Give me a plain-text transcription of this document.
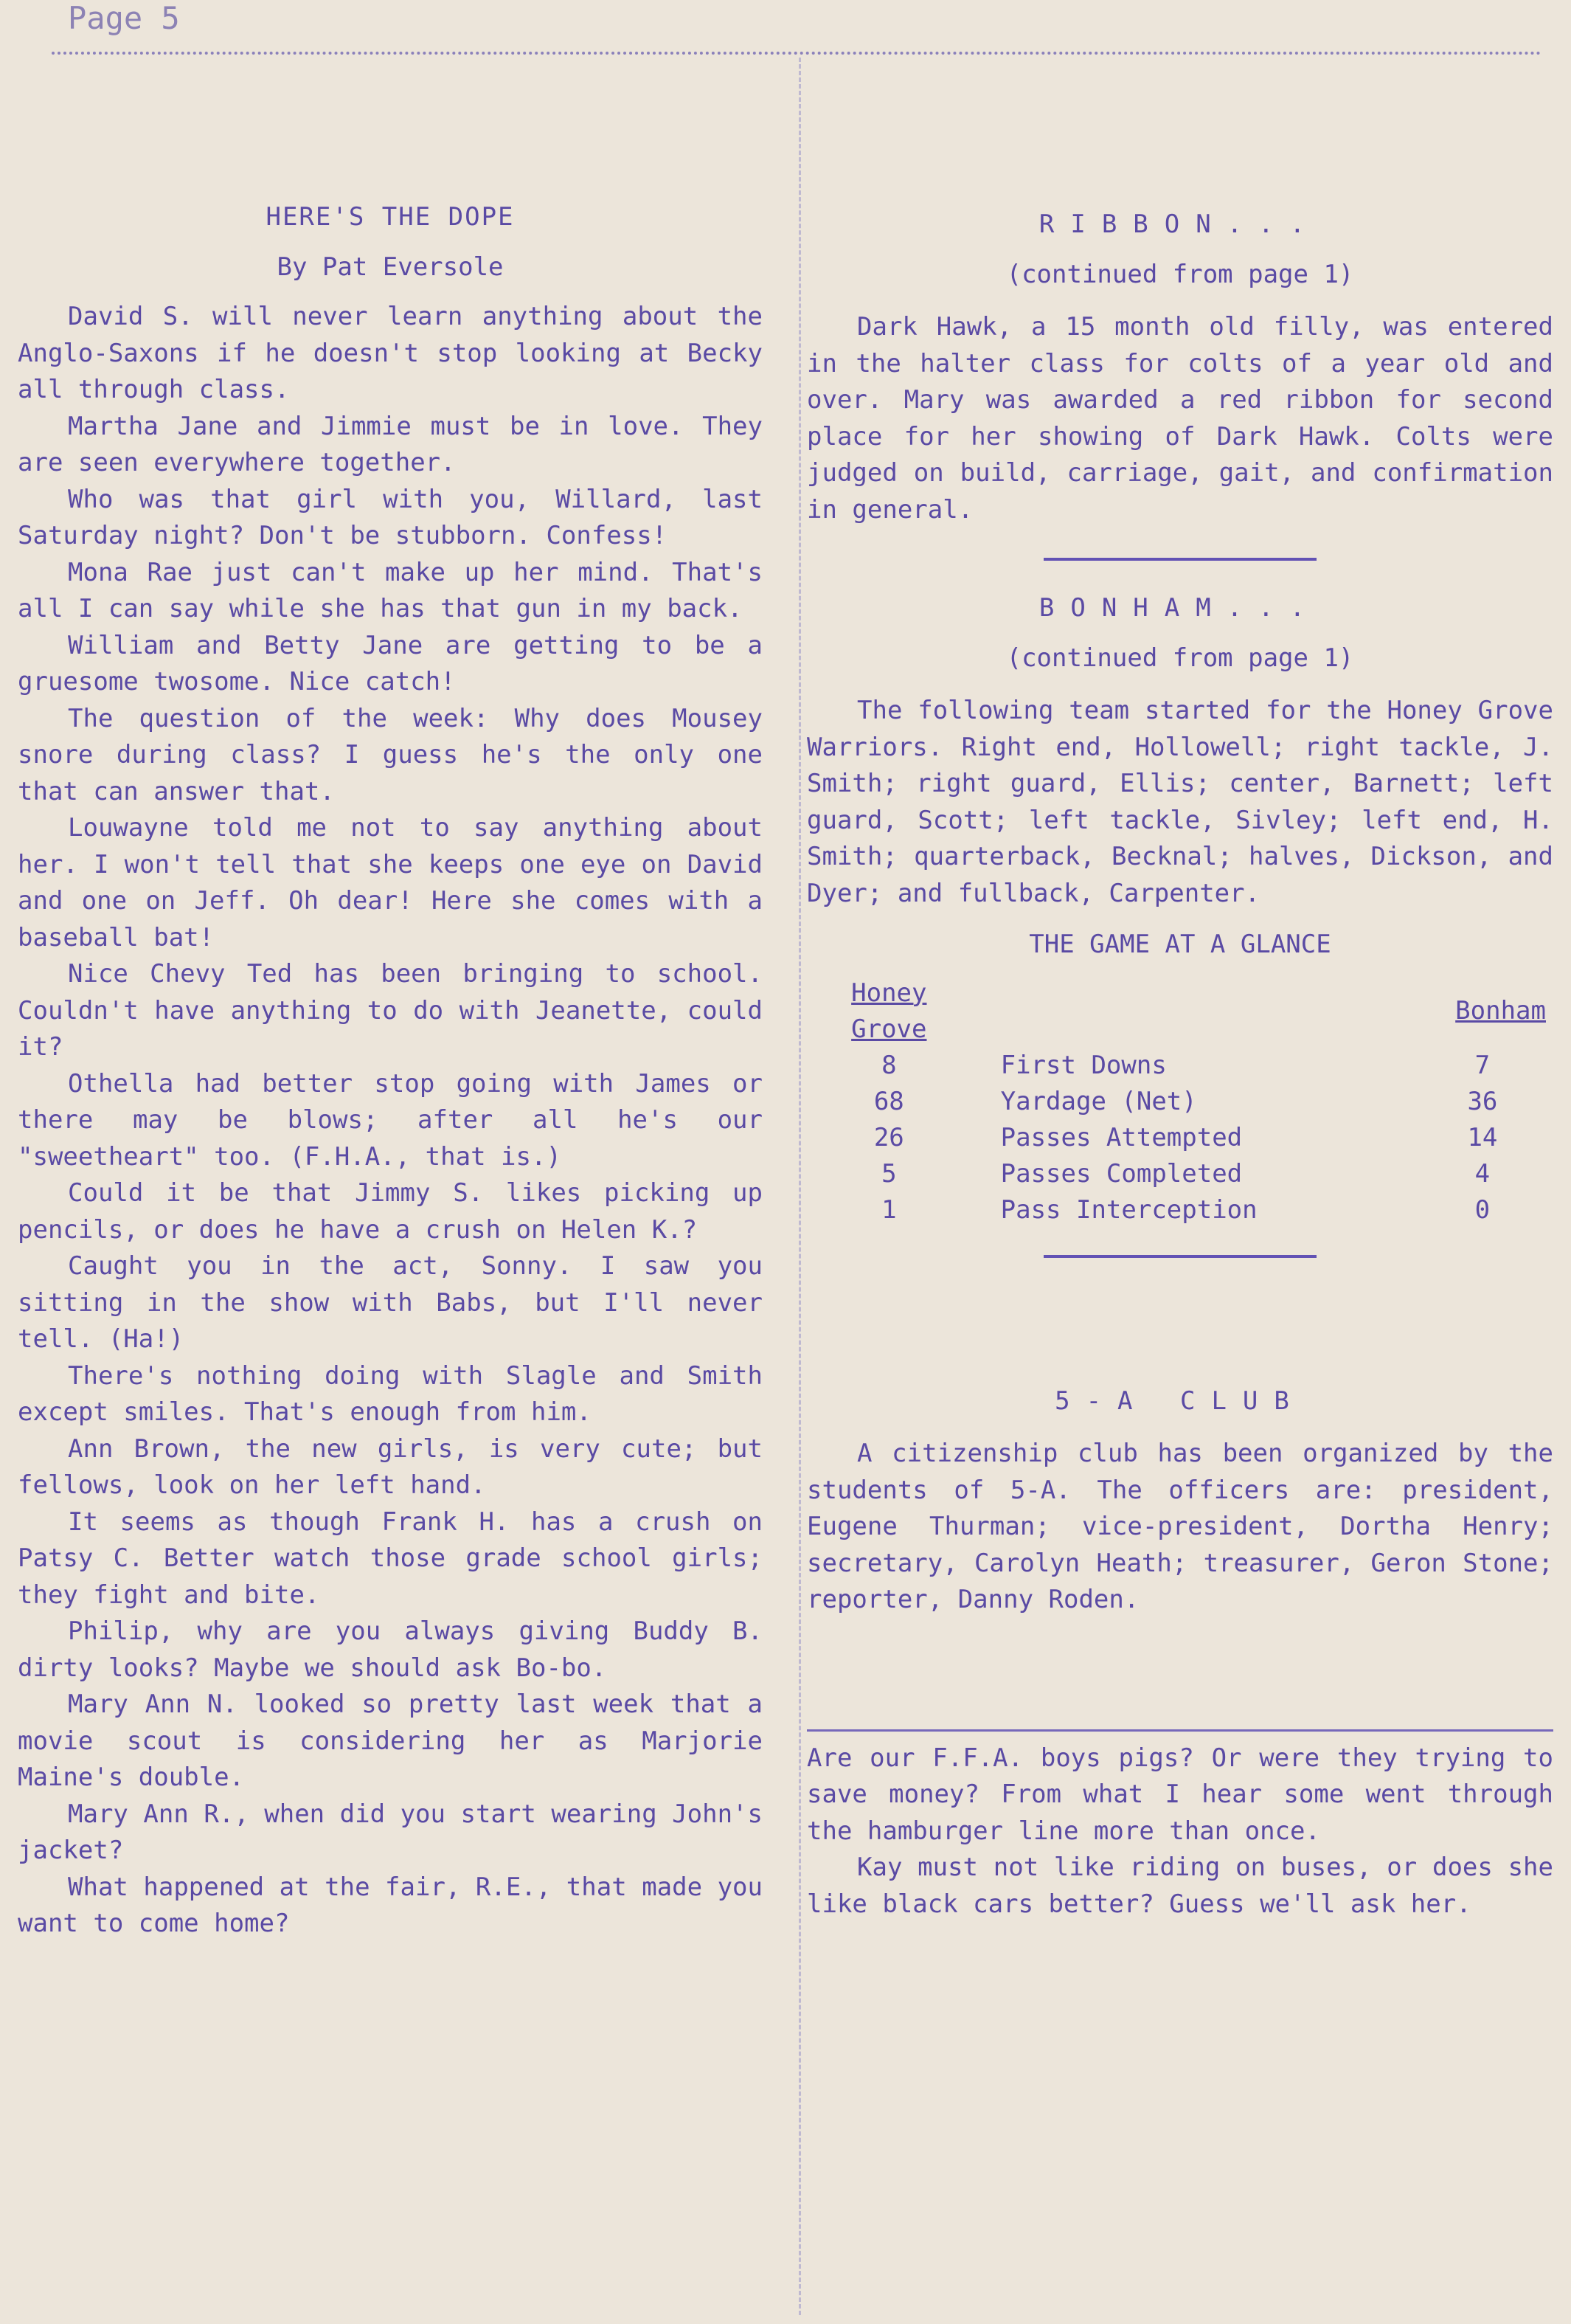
Page 5
HERE'S THE DOPE
By Pat Eversole

David S. will never learn anything about the Anglo-Saxons if he doesn't stop looking at Becky all through class.

Martha Jane and Jimmie must be in love. They are seen everywhere together.

Who was that girl with you, Willard, last Saturday night? Don't be stubborn. Confess!

Mona Rae just can't make up her mind. That's all I can say while she has that gun in my back.

William and Betty Jane are getting to be a gruesome twosome. Nice catch!

The question of the week: Why does Mousey snore during class? I guess he's the only one that can answer that.

Louwayne told me not to say anything about her. I won't tell that she keeps one eye on David and one on Jeff. Oh dear! Here she comes with a baseball bat!

Nice Chevy Ted has been bringing to school. Couldn't have anything to do with Jeanette, could it?

Othella had better stop going with James or there may be blows; after all he's our "sweetheart" too. (F.H.A., that is.)

Could it be that Jimmy S. likes picking up pencils, or does he have a crush on Helen K.?

Caught you in the act, Sonny. I saw you sitting in the show with Babs, but I'll never tell. (Ha!)

There's nothing doing with Slagle and Smith except smiles. That's enough from him.

Ann Brown, the new girls, is very cute; but fellows, look on her left hand.

It seems as though Frank H. has a crush on Patsy C. Better watch those grade school girls; they fight and bite.

Philip, why are you always giving Buddy B. dirty looks? Maybe we should ask Bo-bo.

Mary Ann N. looked so pretty last week that a movie scout is considering her as Marjorie Maine's double.

Mary Ann R., when did you start wearing John's jacket?

What happened at the fair, R.E., that made you want to come home?

RIBBON...
(continued from page 1)

Dark Hawk, a 15 month old filly, was entered in the halter class for colts of a year old and over. Mary was awarded a red ribbon for second place for her showing of Dark Hawk. Colts were judged on build, carriage, gait, and confirmation in general.

BONHAM...
(continued from page 1)

The following team started for the Honey Grove Warriors. Right end, Hollowell; right tackle, J. Smith; right guard, Ellis; center, Barnett; left guard, Scott; left tackle, Sivley; left end, H. Smith; quarterback, Becknal; halves, Dickson, and Dyer; and fullback, Carpenter.

THE GAME AT A GLANCE
Honey Grove		Bonham
8	First Downs	7
68	Yardage (Net)	36
26	Passes Attempted	14
5	Passes Completed	4
1	Pass Interception	0
5-A CLUB

A citizenship club has been organized by the students of 5-A. The officers are: president, Eugene Thurman; vice-president, Dortha Henry; secretary, Carolyn Heath; treasurer, Geron Stone; reporter, Danny Roden.

Are our F.F.A. boys pigs? Or were they trying to save money? From what I hear some went through the hamburger line more than once.

Kay must not like riding on buses, or does she like black cars better? Guess we'll ask her.
